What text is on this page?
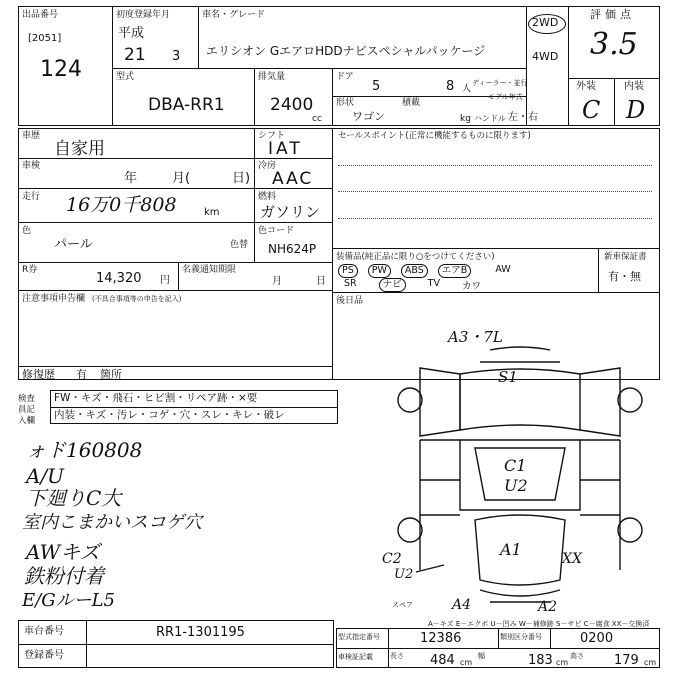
出品番号
[2051]
124
初度登録年月
平成
21 3
車名・グレード
エリシオン GエアロHDDナビスペシャルパッケージ
2WD
4WD
評価点
3.5
外装	内装
C D
型式
DBA-RR1
排気量
2400
cc
ドア
5	8 人
ディーラー・並行
モデル年式
形状
ワゴン
積載
kg ハンドル 左・右
車歴
自家用
シフト
IAT
セールスポイント(正常に機能するものに限ります)
車検
年	月(	日)
冷房
AAC
走行 16万0千808	km
燃料
ガソリン
色
パール	色替
色コード
NH624P
R券
14,320 円
名義通知期限
月	日
注意事項申告欄 (不具合事項等の申告を記入)
修復歴 有 箇所
装備品(純正品に限り○をつけてください)
PS	PW	ABS	エアB	AW
SR	ナビ	TV カワ
新車保証書
有・無
後日品
検査員記入欄
FW・キズ・飛石・ヒビ割・リペア跡・×要
内装・キズ・汚レ・コゲ・穴・スレ・キレ・破レ
ォド160808
A/U
下廻りC大
室内こまかいスコゲ穴
AWキズ
鉄粉付着
E/GルーL5
A3・7L
S1
C1
U2
A1	XX
C2
U2
A4	A2
スペア
A－キズ E－エクボ U－凹み W－補修跡 S－サビ C－腐食 XX－交換済
車台番号	RR1-1301195
登録番号
型式指定番号	12386	類別区分番号	0200
車検証記載 長さ 484 cm
幅	183 cm
高さ 179 cm
